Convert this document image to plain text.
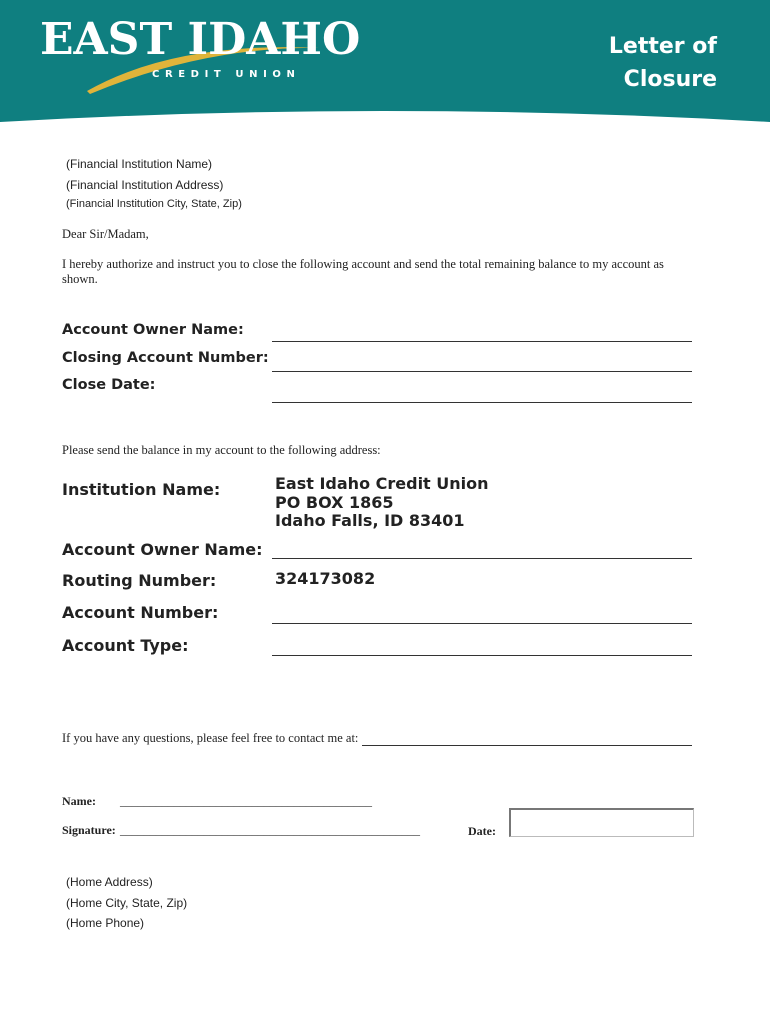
EAST IDAHO
CREDIT UNION
Letter of
Closure
(Financial Institution Name)
(Financial Institution Address)
(Financial Institution City, State, Zip)
Dear Sir/Madam,
I hereby authorize and instruct you to close the following account and send the total remaining balance to my account as
shown.
Account Owner Name:
Closing Account Number:
Close Date:
Please send the balance in my account to the following address:
Institution Name:	East Idaho Credit Union
PO BOX 1865
Idaho Falls, ID 83401
Account Owner Name:
Routing Number:	324173082
Account Number:
Account Type:
If you have any questions, please feel free to contact me at:
Name: __________________________________________
Signature: __________________________________________________	Date:
(Home Address)
(Home City, State, Zip)
(Home Phone)
